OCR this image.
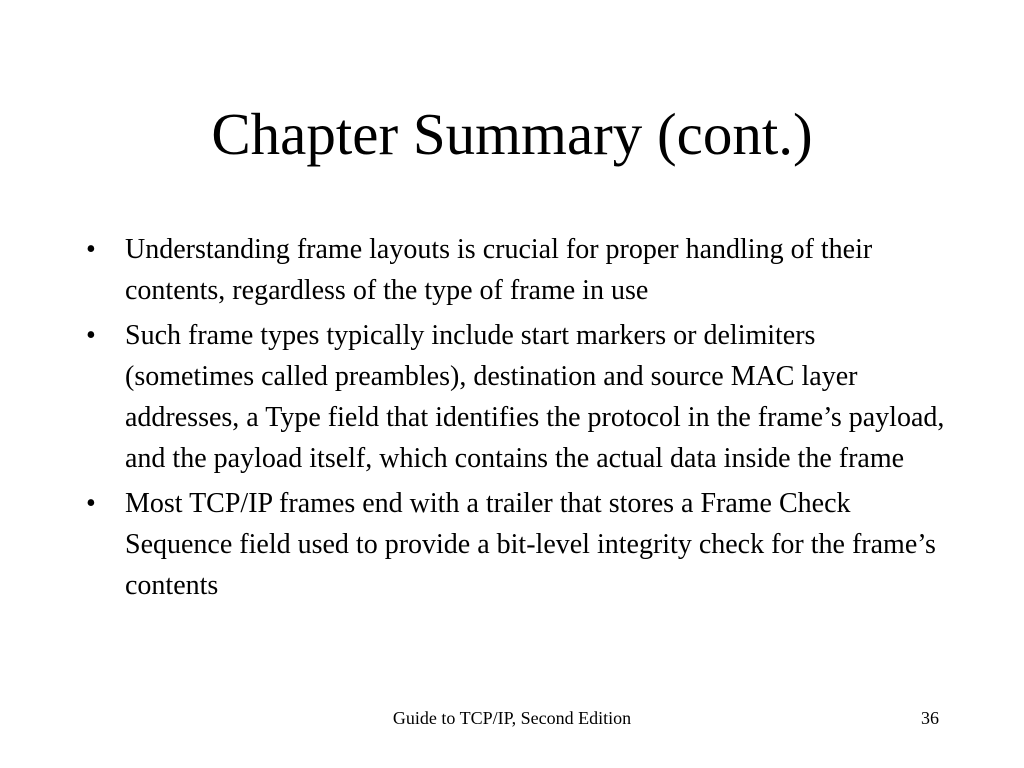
Chapter Summary (cont.)
• Understanding frame layouts is crucial for proper handling of their contents, regardless of the type of frame in use
• Such frame types typically include start markers or delimiters (sometimes called preambles), destination and source MAC layer addresses, a Type field that identifies the protocol in the frame’s payload, and the payload itself, which contains the actual data inside the frame
• Most TCP/IP frames end with a trailer that stores a Frame Check Sequence field used to provide a bit-level integrity check for the frame’s contents
Guide to TCP/IP, Second Edition	36
